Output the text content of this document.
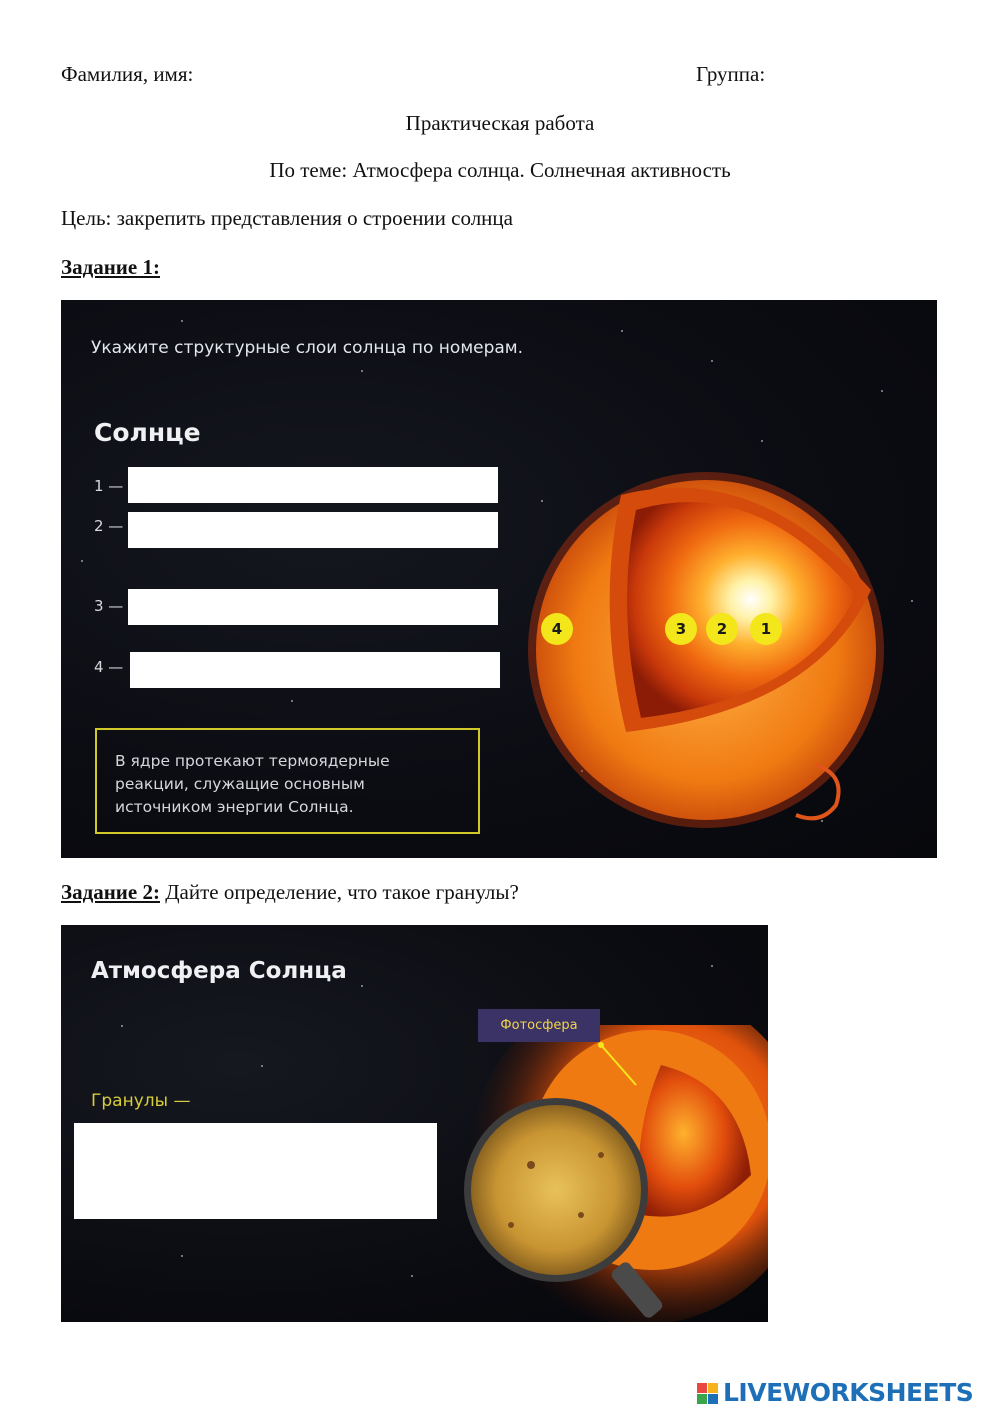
Фамилия, имя:	Группа:
Практическая работа
По теме: Атмосфера солнца. Солнечная активность
Цель: закрепить представления о строении солнца
Задание 1:
Укажите структурные слои солнца по номерам.
Солнце
1 —
2 —
3 —
4 —
В ядре протекают термоядерные
реакции, служащие основным
источником энергии Солнца.
4	3	2	1
Задание 2: Дайте определение, что такое гранулы?
Атмосфера Солнца
Гранулы —
Фотосфера
LIVEWORKSHEETS
